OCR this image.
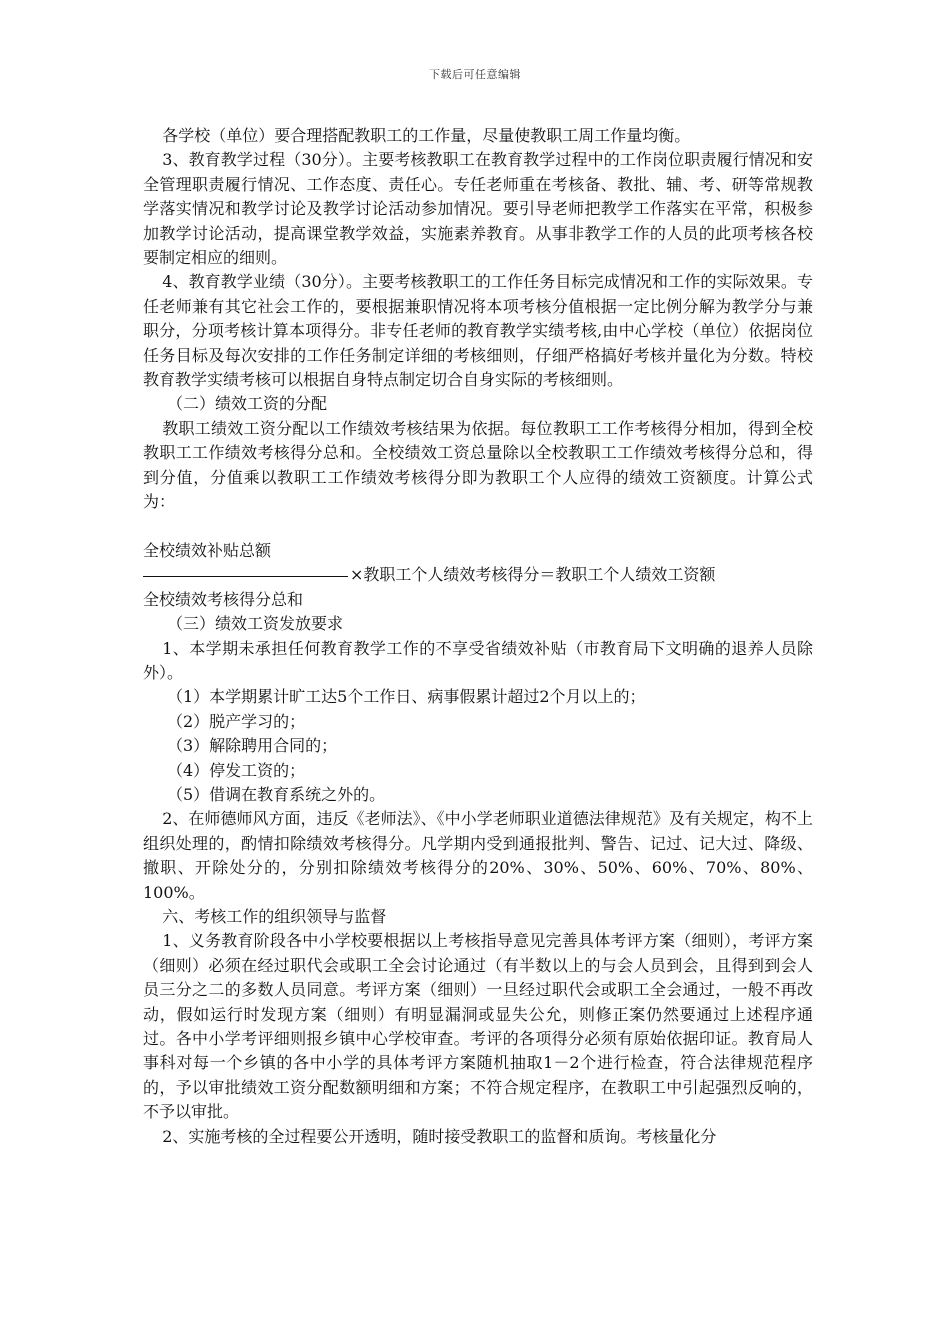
下载后可任意编辑

各学校（单位）要合理搭配教职工的工作量，尽量使教职工周工作量均衡。

3、教育教学过程（30分）。主要考核教职工在教育教学过程中的工作岗位职责履行情况和安全管理职责履行情况、工作态度、责任心。专任老师重在考核备、教批、辅、考、研等常规教学落实情况和教学讨论及教学讨论活动参加情况。要引导老师把教学工作落实在平常，积极参加教学讨论活动，提高课堂教学效益，实施素养教育。从事非教学工作的人员的此项考核各校要制定相应的细则。

4、教育教学业绩（30分）。主要考核教职工的工作任务目标完成情况和工作的实际效果。专任老师兼有其它社会工作的，要根据兼职情况将本项考核分值根据一定比例分解为教学分与兼职分，分项考核计算本项得分。非专任老师的教育教学实绩考核,由中心学校（单位）依据岗位任务目标及每次安排的工作任务制定详细的考核细则，仔细严格搞好考核并量化为分数。特校教育教学实绩考核可以根据自身特点制定切合自身实际的考核细则。

（二）绩效工资的分配

教职工绩效工资分配以工作绩效考核结果为依据。每位教职工工作考核得分相加，得到全校教职工工作绩效考核得分总和。全校绩效工资总量除以全校教职工工作绩效考核得分总和，得到分值，分值乘以教职工工作绩效考核得分即为教职工个人应得的绩效工资额度。计算公式为：

全校绩效补贴总额

×教职工个人绩效考核得分＝教职工个人绩效工资额

全校绩效考核得分总和

（三）绩效工资发放要求

1、本学期未承担任何教育教学工作的不享受省绩效补贴（市教育局下文明确的退养人员除外）。

（1）本学期累计旷工达5个工作日、病事假累计超过2个月以上的；

（2）脱产学习的；

（3）解除聘用合同的；

（4）停发工资的；

（5）借调在教育系统之外的。

2、在师德师风方面，违反《老师法》、《中小学老师职业道德法律规范》及有关规定，构不上组织处理的，酌情扣除绩效考核得分。凡学期内受到通报批判、警告、记过、记大过、降级、撤职、开除处分的，分别扣除绩效考核得分的20%、30%、50%、60%、70%、80%、100%。

六、考核工作的组织领导与监督

1、义务教育阶段各中小学校要根据以上考核指导意见完善具体考评方案（细则），考评方案（细则）必须在经过职代会或职工全会讨论通过（有半数以上的与会人员到会，且得到到会人员三分之二的多数人员同意。考评方案（细则）一旦经过职代会或职工全会通过，一般不再改动，假如运行时发现方案（细则）有明显漏洞或显失公允，则修正案仍然要通过上述程序通过。各中小学考评细则报乡镇中心学校审查。考评的各项得分必须有原始依据印证。教育局人事科对每一个乡镇的各中小学的具体考评方案随机抽取1－2个进行检查，符合法律规范程序的，予以审批绩效工资分配数额明细和方案；不符合规定程序，在教职工中引起强烈反响的，不予以审批。

2、实施考核的全过程要公开透明，随时接受教职工的监督和质询。考核量化分
